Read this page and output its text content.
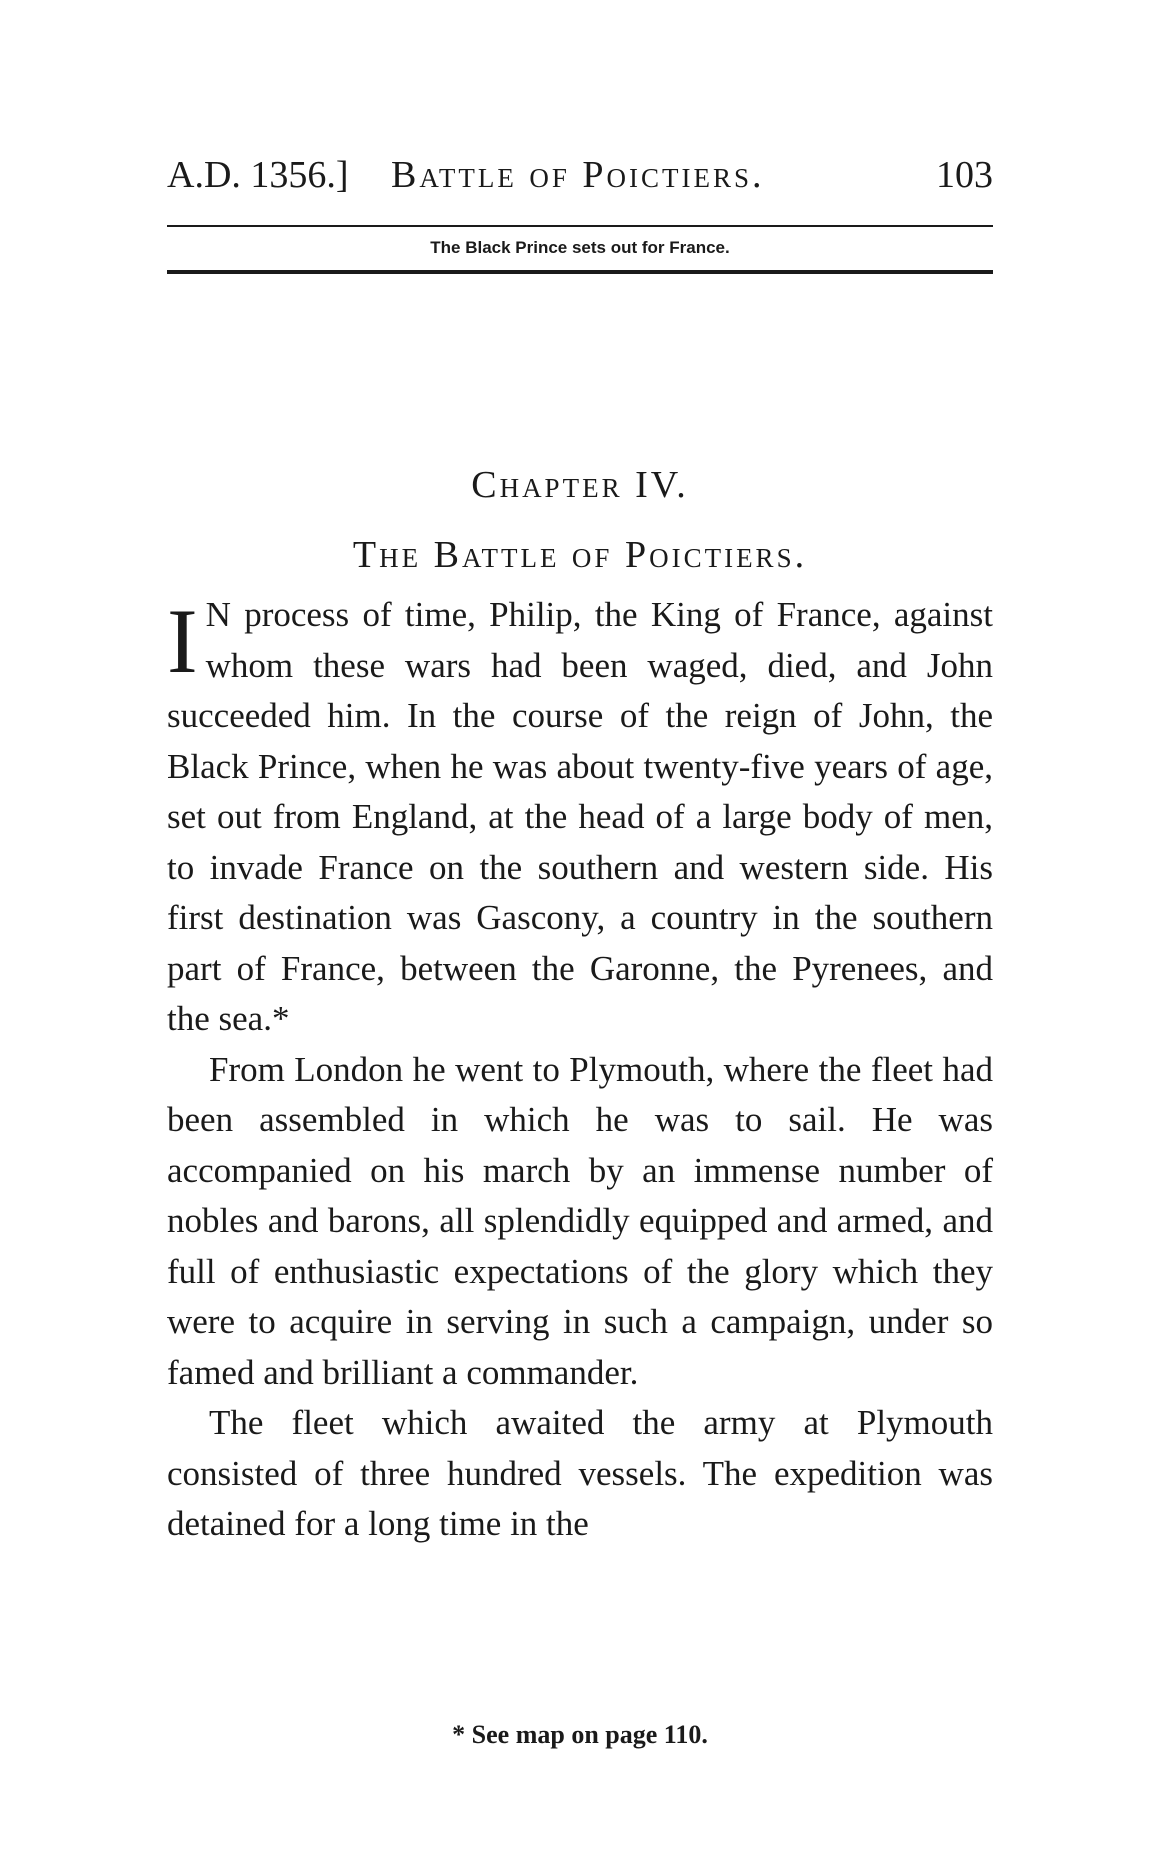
A.D. 1356.] Battle of Poictiers.	103
The Black Prince sets out for France.
Chapter IV.
The Battle of Poictiers.

I N process of time, Philip, the King of France, against whom these wars had been waged, died, and John succeeded him. In the course of the reign of John, the Black Prince, when he was about twenty-five years of age, set out from England, at the head of a large body of men, to invade France on the southern and western side. His first destination was Gascony, a country in the southern part of France, between the Garonne, the Pyrenees, and the sea.*

From London he went to Plymouth, where the fleet had been assembled in which he was to sail. He was accompanied on his march by an immense number of nobles and barons, all splendidly equipped and armed, and full of enthusiastic expectations of the glory which they were to acquire in serving in such a campaign, under so famed and brilliant a commander.

The fleet which awaited the army at Plymouth consisted of three hundred vessels. The expedition was detained for a long time in the

* See map on page 110.
